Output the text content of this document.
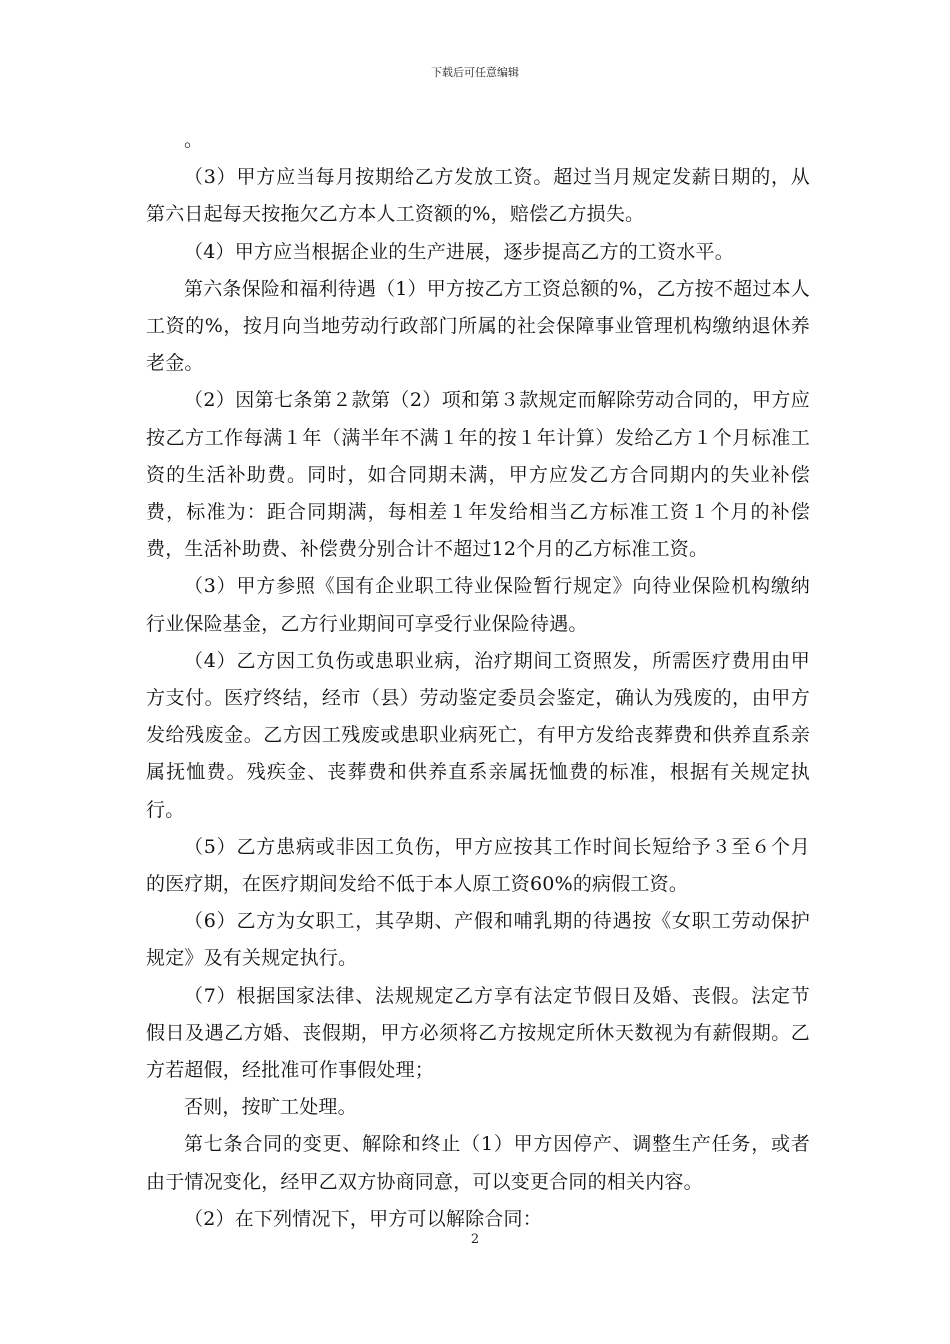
下载后可任意编辑

。

（3）甲方应当每月按期给乙方发放工资。超过当月规定发薪日期的，从第六日起每天按拖欠乙方本人工资额的%，赔偿乙方损失。

（4）甲方应当根据企业的生产进展，逐步提高乙方的工资水平。

第六条保险和福利待遇（1）甲方按乙方工资总额的%，乙方按不超过本人工资的%，按月向当地劳动行政部门所属的社会保障事业管理机构缴纳退休养老金。

（2）因第七条第２款第（2）项和第３款规定而解除劳动合同的，甲方应按乙方工作每满１年（满半年不满１年的按１年计算）发给乙方１个月标准工资的生活补助费。同时，如合同期未满，甲方应发乙方合同期内的失业补偿费，标准为：距合同期满，每相差１年发给相当乙方标准工资１个月的补偿费，生活补助费、补偿费分别合计不超过12个月的乙方标准工资。

（3）甲方参照《国有企业职工待业保险暂行规定》向待业保险机构缴纳行业保险基金，乙方行业期间可享受行业保险待遇。

（4）乙方因工负伤或患职业病，治疗期间工资照发，所需医疗费用由甲方支付。医疗终结，经市（县）劳动鉴定委员会鉴定，确认为残废的，由甲方发给残废金。乙方因工残废或患职业病死亡，有甲方发给丧葬费和供养直系亲属抚恤费。残疾金、丧葬费和供养直系亲属抚恤费的标准，根据有关规定执行。

（5）乙方患病或非因工负伤，甲方应按其工作时间长短给予３至６个月的医疗期，在医疗期间发给不低于本人原工资60%的病假工资。

（6）乙方为女职工，其孕期、产假和哺乳期的待遇按《女职工劳动保护规定》及有关规定执行。

（7）根据国家法律、法规规定乙方享有法定节假日及婚、丧假。法定节假日及遇乙方婚、丧假期，甲方必须将乙方按规定所休天数视为有薪假期。乙方若超假，经批准可作事假处理；

否则，按旷工处理。

第七条合同的变更、解除和终止（1）甲方因停产、调整生产任务，或者由于情况变化，经甲乙双方协商同意，可以变更合同的相关内容。

（2）在下列情况下，甲方可以解除合同：

2
